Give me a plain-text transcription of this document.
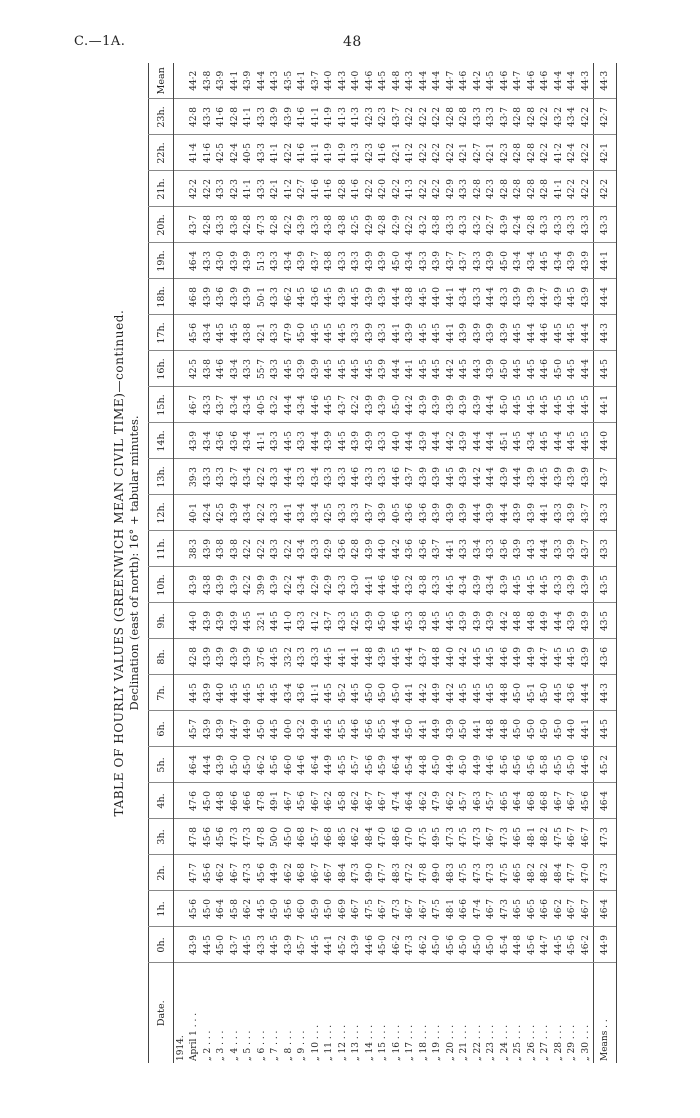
C.—1A.	48
TABLE OF HOURLY VALUES (GREENWICH MEAN CIVIL TIME)—continued. Declination (east of north): 16° + tabular minutes.
Date.	0h.	1h.	2h.	3h.	4h.	5h.	6h.	7h.	8h.	9h.	10h.	11h.	12h.	13h.	14h.	15h.	16h.	17h.	18h.	19h.	20h.	21h.	22h.	23h.	Mean
1914.																									
April 1 . . .	43·9	45·6	47·7	47·8	47·6	46·4	45·7	44·5	42·8	44·0	43·9	38·3	40·1	39·3	43·9	46·7	42·5	45·6	46·8	46·4	43·7	42·2	41·4	42·8	44·2
„ 2 . . .	44·5	45·0	45·6	45·6	45·0	44·4	43·9	43·9	43·9	43·9	43·8	43·9	42·4	43·3	43·4	43·3	43·8	43·4	43·9	43·3	42·8	42·2	41·6	43·3	43·8
„ 3 . . .	45·0	46·4	46·2	45·6	44·8	43·9	43·9	44·0	43·9	43·9	43·9	43·8	42·5	43·3	43·6	43·7	44·6	44·5	43·6	43·0	43·3	43·3	42·5	41·6	43·9
„ 4 . . .	43·7	45·8	46·7	47·3	46·6	45·0	44·7	44·5	43·9	43·9	43·9	43·8	43·9	43·7	43·6	43·4	43·4	44·5	43·9	43·9	43·8	42·3	42·4	42·8	44·1
„ 5 . . .	44·5	46·2	47·3	47·3	46·6	45·0	44·9	44·5	43·9	44·5	42·2	42·2	43·4	43·4	43·4	43·4	43·3	43·8	43·9	43·9	42·8	41·1	40·5	41·1	43·9
„ 6 . . .	43·3	44·5	45·6	47·8	47·8	46·2	45·0	44·5	37·6	32·1	39·9	42·2	42·2	42·2	41·1	40·5	55·7	42·1	50·1	51·3	47·3	43·3	43·3	43·3	44·4
„ 7 . . .	44·5	45·0	44·9	50·0	49·1	45·6	44·5	44·5	44·5	44·5	43·9	43·3	43·3	43·3	43·3	43·2	43·3	43·3	43·3	43·3	42·8	42·1	41·1	43·9	44·3
„ 8 . . .	43·9	45·6	46·2	45·0	46·7	46·0	40·0	43·4	33·2	41·0	42·2	42·2	44·1	44·4	44·5	44·4	44·5	47·9	46·2	43·4	42·2	41·2	42·2	43·9	43·5
„ 9 . . .	45·7	46·0	46·8	46·8	45·6	44·6	43·2	43·6	43·3	43·3	43·4	43·4	43·4	43·3	43·3	43·4	43·9	45·0	44·5	43·9	43·9	42·7	41·6	41·6	44·1
„ 10 . . .	44·5	45·9	46·7	45·7	46·7	46·4	44·9	41·1	43·3	41·2	42·9	43·3	43·4	43·4	44·4	44·6	43·9	44·5	43·6	43·7	43·3	41·6	41·1	41·1	43·7
„ 11 . . .	44·1	45·0	46·7	46·8	46·2	44·9	44·5	44·5	44·5	43·7	42·9	42·9	42·5	43·3	43·9	44·5	44·5	44·5	44·5	43·8	43·8	41·6	41·9	41·9	44·0
„ 12 . . .	45·2	46·9	48·4	48·5	45·8	45·5	45·5	45·2	44·1	43·3	43·3	43·6	43·3	43·3	44·5	43·7	44·5	44·5	43·9	43·3	43·8	42·8	41·9	41·3	44·3
„ 13 . . .	43·9	46·7	47·3	46·2	46·2	45·7	44·6	44·5	44·1	42·5	43·0	42·8	43·3	44·6	43·9	42·2	44·5	43·3	44·5	43·3	42·5	41·6	41·3	41·3	44·0
„ 14 . . .	44·6	47·5	49·0	48·4	46·7	45·6	45·6	45·0	44·8	43·9	44·1	43·9	43·7	43·3	43·9	43·9	44·5	43·9	43·9	43·9	42·9	42·2	42·3	42·3	44·6
„ 15 . . .	45·0	46·7	47·7	47·0	46·7	45·9	45·5	45·0	43·9	45·0	44·6	44·0	43·9	43·3	43·3	43·9	43·9	43·3	43·9	43·9	42·8	42·0	41·6	42·3	44·5
„ 16 . . .	46·2	47·3	48·3	48·6	47·4	46·4	44·4	45·0	44·5	44·6	44·6	44·2	40·5	44·6	44·0	45·0	44·4	44·1	44·4	45·0	42·9	42·2	42·1	43·7	44·8
„ 17 . . .	47·3	46·7	47·2	47·0	46·4	45·4	45·0	44·1	44·4	45·3	43·2	43·6	43·6	43·7	44·4	44·2	44·1	43·9	43·8	43·4	42·2	41·3	41·2	42·2	44·3
„ 18 . . .	46·2	46·7	47·8	47·5	46·2	44·8	44·1	44·2	43·7	43·8	43·8	43·6	43·6	43·9	43·9	43·9	44·5	44·5	44·5	43·3	43·2	42·2	42·2	42·2	44·4
„ 19 . . .	45·0	47·5	49·0	49·5	47·9	45·0	44·9	44·9	44·8	44·5	43·3	43·7	43·9	43·9	44·4	43·9	44·5	44·5	44·0	43·9	43·8	42·2	42·2	42·2	44·4
„ 20 . . .	45·6	48·1	48·3	47·3	46·2	44·9	43·9	44·2	44·0	44·5	44·5	44·1	43·9	44·5	44·2	43·9	44·2	44·1	44·1	43·7	43·3	42·9	42·2	42·8	44·7
„ 21 . . .	45·0	46·6	47·5	47·5	45·7	45·0	45·0	44·5	44·2	43·9	43·4	43·3	43·9	43·9	43·9	43·9	44·5	43·9	43·4	43·7	43·3	43·3	42·1	42·8	44·6
„ 22 . . .	45·0	47·4	47·3	47·3	46·3	44·9	44·1	44·5	44·5	43·9	43·9	43·4	44·4	44·2	44·4	43·9	44·3	43·9	43·3	43·3	43·2	42·8	42·7	43·3	44·2
„ 23 . . .	45·0	46·7	47·3	46·7	45·7	44·6	44·8	44·5	44·5	43·9	43·4	43·3	43·9	44·4	44·4	44·4	43·9	43·9	44·4	43·9	42·7	42·3	42·1	43·3	44·5
„ 24 . . .	45·4	47·3	47·5	47·3	46·5	45·6	44·8	44·8	44·6	44·2	43·9	43·6	44·4	43·9	45·1	45·0	45·0	43·9	43·3	45·0	43·9	42·8	42·3	43·7	44·6
„ 25 . . .	44·8	46·5	46·5	46·5	46·4	45·6	45·0	45·0	44·9	44·8	44·5	43·9	43·9	44·4	44·5	44·5	44·5	44·5	43·9	43·4	42·4	42·8	42·8	42·8	44·7
„ 26 . . .	45·6	46·5	48·2	48·1	46·8	45·6	45·0	45·1	44·9	44·8	44·5	44·3	43·9	43·9	43·4	44·5	44·5	44·4	43·9	43·4	42·8	42·8	42·8	42·8	44·6
„ 27 . . .	44·7	46·6	48·2	48·2	46·8	45·8	45·0	45·0	44·7	44·9	44·5	44·4	44·1	44·5	44·5	44·5	44·6	44·6	44·7	44·5	43·3	42·8	42·2	42·2	44·6
„ 28 . . .	44·5	46·2	48·4	47·5	46·7	45·5	45·0	44·5	44·5	44·4	43·3	43·3	43·3	43·9	44·4	44·5	45·0	44·5	43·9	43·4	43·3	41·1	41·2	43·2	44·4
„ 29 . . .	45·6	46·7	47·7	46·7	46·7	45·0	44·0	43·6	44·5	43·9	43·9	43·9	43·9	43·9	44·5	44·5	44·5	44·5	44·5	43·9	43·3	42·2	42·4	43·4	44·4
„ 30 . . .	46·2	46·7	47·0	46·7	45·6	44·6	44·1	44·4	43·9	43·9	43·9	43·7	43·7	43·9	44·5	44·5	44·4	44·4	43·9	43·9	43·3	42·2	42·2	42·2	44·3
Means . .	44·9	46·4	47·3	47·3	46·4	45·2	44·5	44·3	43·6	43·5	43·5	43·3	43·3	43·7	44·0	44·1	44·5	44·3	44·4	44·1	43·3	42·2	42·1	42·7	44·3
